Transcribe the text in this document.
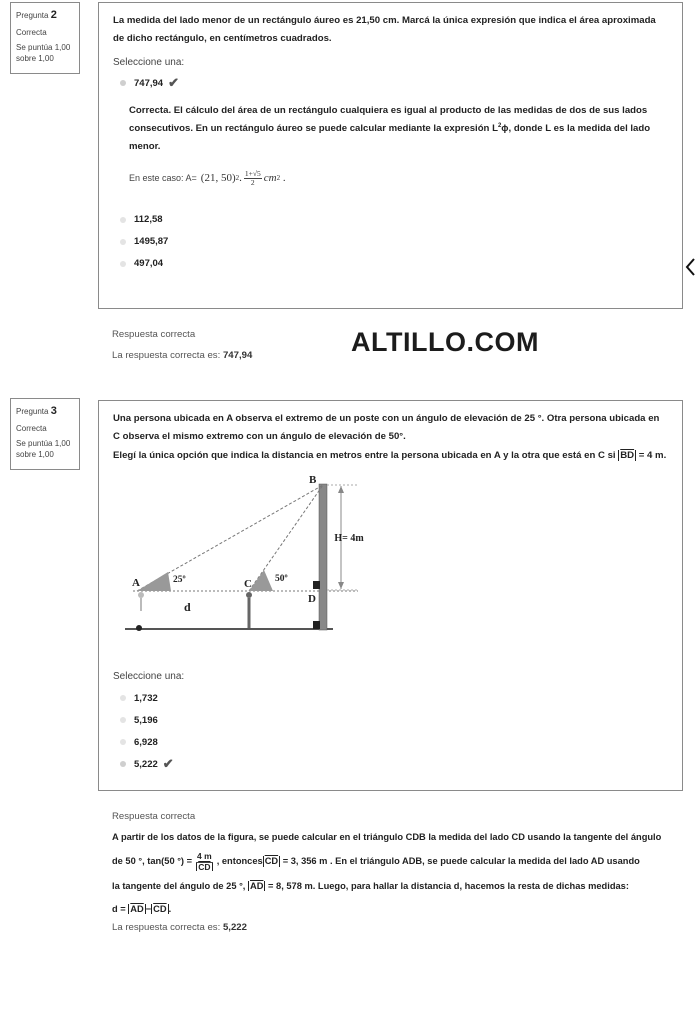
Pregunta 2
Correcta
Se puntúa 1,00
sobre 1,00

La medida del lado menor de un rectángulo áureo es 21,50 cm. Marcá la única expresión que indica el área aproximada de dicho rectángulo, en centímetros cuadrados.

Seleccione una:

747,94 ✔

Correcta. El cálculo del área de un rectángulo cualquiera es igual al producto de las medidas de dos de sus lados consecutivos. En un rectángulo áureo se puede calcular mediante la expresión $L^2\phi$, donde L es la medida del lado menor.

En este caso: A= (21, 50) 2 . $\frac{1+√5}{2}$ cm 2 .
112,58
1495,87
497,04
Respuesta correcta
La respuesta correcta es: 747,94	ALTILLO.COM
Pregunta 3
Correcta
Se puntúa 1,00
sobre 1,00

Una persona ubicada en A observa el extremo de un poste con un ángulo de elevación de 25 °. Otra persona ubicada en C observa el mismo extremo con un ángulo de elevación de 50°.

Elegí la única opción que indica la distancia en metros entre la persona ubicada en A y la otra que está en C si $\overline{BD} = 4$ m.

B
A	C
D
d
H= 4m
25º	50º

Seleccione una:

1,732
5,196
6,928
5,222 ✔
Respuesta correcta
A partir de los datos de la figura, se puede calcular en el triángulo CDB la medida del lado CD usando la tangente del ángulo
de 50 °, tan(50 °) = $\frac{4 m}{CD}$ , entonces $\overline{CD}$
= 3, 356 m . En el triángulo ADB, se puede calcular la medida del lado AD usando
la tangente del ángulo de 25 °, $\overline{AD} = 8$, 578 m. Luego, para hallar la distancia d, hacemos la resta de dichas medidas:
$d = \overline{AD} - \overline{CD}$ .
La respuesta correcta es: 5,222
